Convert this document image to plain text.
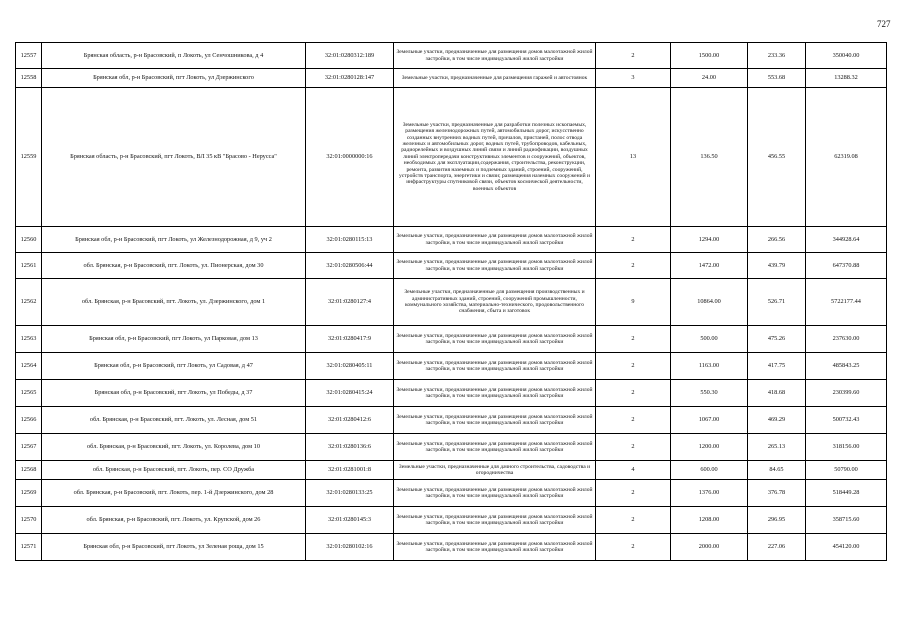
727
12557	Брянская область, р-н Брасовский, п Локоть, ул Сенчошникова, д 4	32:01:0280312:189	Земельные участки, предназначенные для размещения домов малоэтажной жилой застройки, в том числе индивидуальной жилой застройки	2	1500.00	233.36	350040.00
12558	Брянская обл, р-н Брасовский, пгт Локоть, ул Дзержинского	32:01:0280128:147	Земельные участки, предназначенные для размещения гаражей и автостоянок	3	24.00	553.68	13288.32
12559	Брянская область, р-н Брасовский, пгт Локоть, ВЛ 35 кВ "Брасово - Нерусса"	32:01:0000000:16	Земельные участки, предназначенные для разработки полезных ископаемых, размещения железнодорожных путей, автомобильных дорог, искусственно созданных внутренних водных путей, причалов, пристаней, полос отвода железных и автомобильных дорог, водных путей, трубопроводов, кабельных, радиорелейных и воздушных линий связи и линий радиофикации, воздушных линий электропередачи конструктивных элементов и сооружений, объектов, необходимых для эксплуатации,содержания, строительства, реконструкции, ремонта, развития наземных и подземных зданий, строений, сооружений, устройств транспорта, энергетики и связи; размещения наземных сооружений и инфраструктуры спутниковой связи, объектов космической деятельности, военных объектов	13	136.50	456.55	62319.08
12560	Брянская обл, р-н Брасовский, пгт Локоть, ул Железнодорожная, д 9, уч 2	32:01:0280115:13	Земельные участки, предназначенные для размещения домов малоэтажной жилой застройки, в том числе индивидуальной жилой застройки	2	1294.00	266.56	344928.64
12561	обл. Брянская, р-н Брасовский, пгт. Локоть, ул. Пионерская, дом 30	32:01:0280506:44	Земельные участки, предназначенные для размещения домов малоэтажной жилой застройки, в том числе индивидуальной жилой застройки	2	1472.00	439.79	647370.88
12562	обл. Брянская, р-н Брасовский, пгт. Локоть, ул. Дзержинского, дом 1	32:01:0280127:4	Земельные участки, предназначенные для размещения производственных и административных зданий, строений, сооружений промышленности, коммунального хозяйства, материально-технического, продовольственного снабжения, сбыта и заготовок	9	10864.00	526.71	5722177.44
12563	Брянская обл, р-н Брасовский, пгт Локоть, ул Парковая, дом 13	32:01:0280417:9	Земельные участки, предназначенные для размещения домов малоэтажной жилой застройки, в том числе индивидуальной жилой застройки	2	500.00	475.26	237630.00
12564	Брянская обл, р-н Брасовский, пгт Локоть, ул Садовая, д 47	32:01:0280405:11	Земельные участки, предназначенные для размещения домов малоэтажной жилой застройки, в том числе индивидуальной жилой застройки	2	1163.00	417.75	485843.25
12565	Брянская обл, р-н Брасовский, пгт Локоть, ул Победы, д 37	32:01:0280415:24	Земельные участки, предназначенные для размещения домов малоэтажной жилой застройки, в том числе индивидуальной жилой застройки	2	550.30	418.68	230399.60
12566	обл. Брянская, р-н Брасовский, пгт. Локоть, ул. Лесная, дом 51	32:01:0280412:6	Земельные участки, предназначенные для размещения домов малоэтажной жилой застройки, в том числе индивидуальной жилой застройки	2	1067.00	469.29	500732.43
12567	обл. Брянская, р-н Брасовский, пгт. Локоть, ул. Королева, дом 10	32:01:0280136:6	Земельные участки, предназначенные для размещения домов малоэтажной жилой застройки, в том числе индивидуальной жилой застройки	2	1200.00	265.13	318156.00
12568	обл. Брянская, р-н Брасовский, пгт. Локоть, пер. СО Дружба	32:01:0281001:8	Земельные участки, предназначенные для дачного строительства, садоводства и огородничества	4	600.00	84.65	50790.00
12569	обл. Брянская, р-н Брасовский, пгт. Локоть, пер. 1-й Дзержинского, дом 28	32:01:0280133:25	Земельные участки, предназначенные для размещения домов малоэтажной жилой застройки, в том числе индивидуальной жилой застройки	2	1376.00	376.78	518449.28
12570	обл. Брянская, р-н Брасовский, пгт. Локоть, ул. Крупской, дом 26	32:01:0280145:3	Земельные участки, предназначенные для размещения домов малоэтажной жилой застройки, в том числе индивидуальной жилой застройки	2	1208.00	296.95	358715.60
12571	Брянская обл, р-н Брасовский, пгт Локоть, ул Зеленая роща, дом 15	32:01:0280102:16	Земельные участки, предназначенные для размещения домов малоэтажной жилой застройки, в том числе индивидуальной жилой застройки	2	2000.00	227.06	454120.00
